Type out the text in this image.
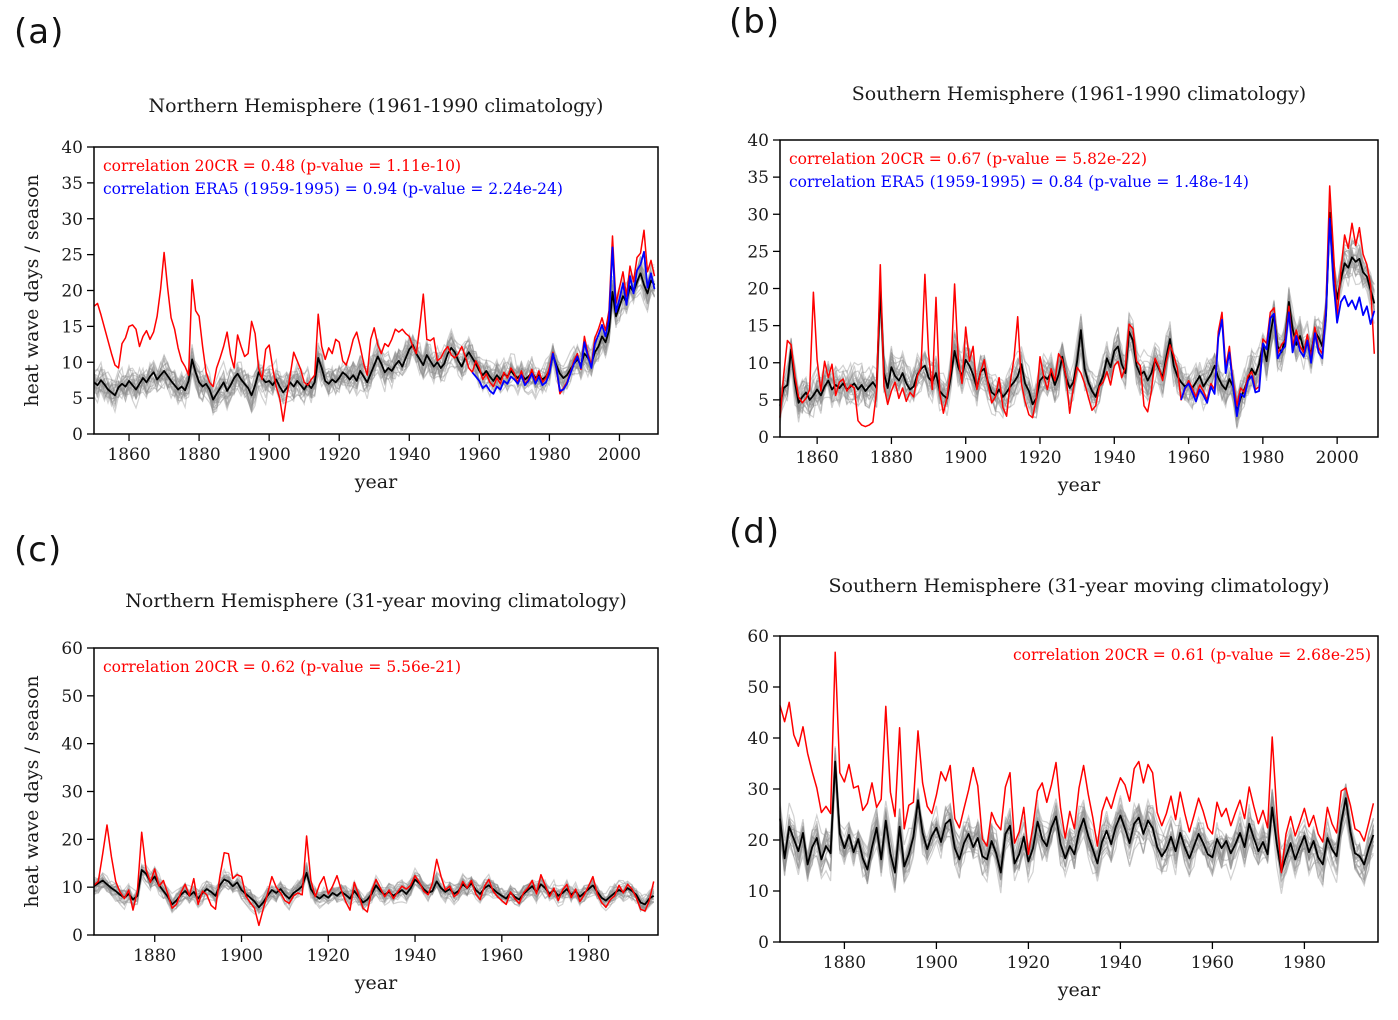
(a)
Northern Hemisphere (1961-1990 climatology)
1860 1880 1900 1920 1940 1960 1980 2000
0
5
10
15
20
25
30
35
40
year
heat wave days / season
correlation 20CR = 0.48 (p-value = 1.11e-10)
correlation ERA5 (1959-1995) = 0.94 (p-value = 2.24e-24)
(b)
Southern Hemisphere (1961-1990 climatology)
1860 1880 1900 1920 1940 1960 1980 2000
0
5
10
15
20
25
30
35
40
year
correlation 20CR = 0.67 (p-value = 5.82e-22)
correlation ERA5 (1959-1995) = 0.84 (p-value = 1.48e-14)
(c)
Northern Hemisphere (31-year moving climatology)
1880	1900	1920	1940	1960	1980
0
10
20
30
40
50
60
year
heat wave days / season
correlation 20CR = 0.62 (p-value = 5.56e-21)
(d)
Southern Hemisphere (31-year moving climatology)
1880	1900	1920	1940	1960	1980
0
10
20
30
40
50
60
year
correlation 20CR = 0.61 (p-value = 2.68e-25)
